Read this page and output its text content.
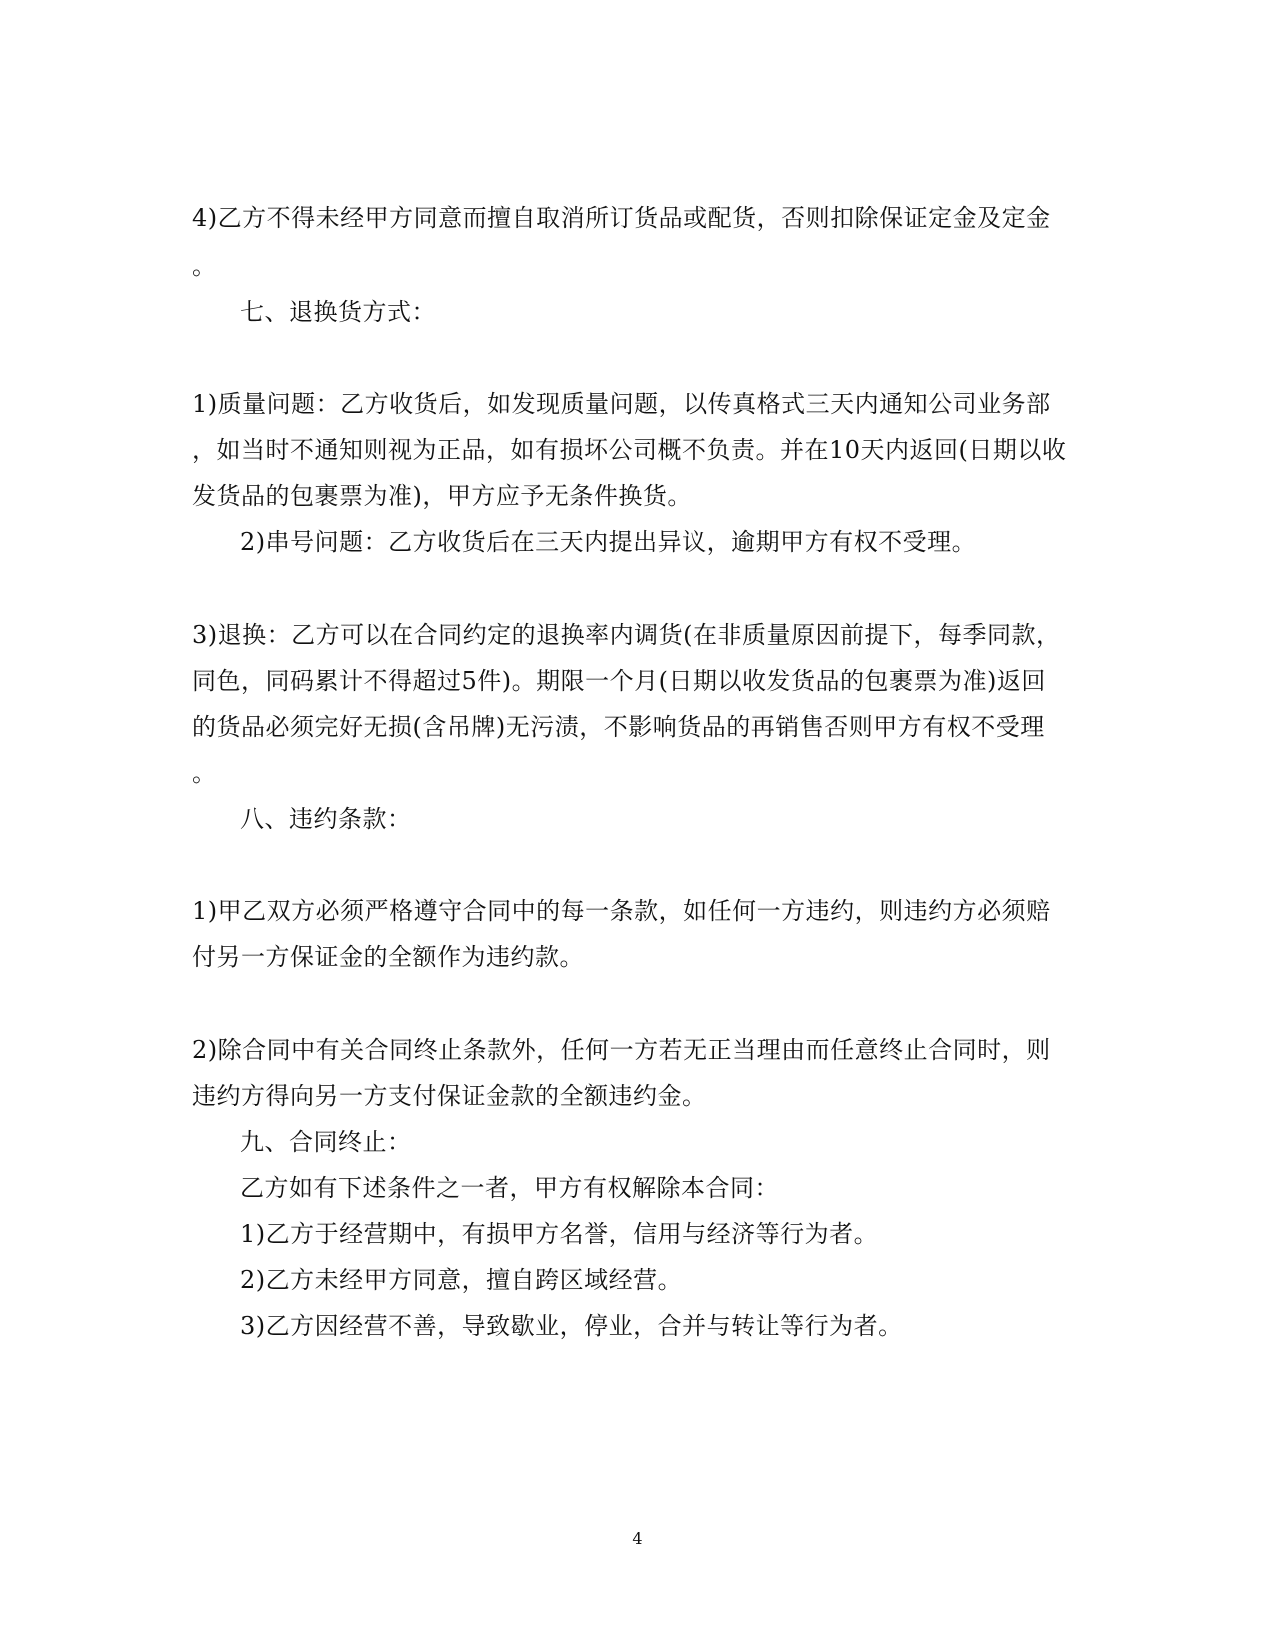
4)乙方不得未经甲方同意而擅自取消所订货品或配货，否则扣除保证定金及定金
。
七、退换货方式：
1)质量问题：乙方收货后，如发现质量问题，以传真格式三天内通知公司业务部
，如当时不通知则视为正品，如有损坏公司概不负责。并在10天内返回(日期以收
发货品的包裹票为准)，甲方应予无条件换货。
2)串号问题：乙方收货后在三天内提出异议，逾期甲方有权不受理。
3)退换：乙方可以在合同约定的退换率内调货(在非质量原因前提下，每季同款，
同色，同码累计不得超过5件)。期限一个月(日期以收发货品的包裹票为准)返回
的货品必须完好无损(含吊牌)无污渍，不影响货品的再销售否则甲方有权不受理
。
八、违约条款：
1)甲乙双方必须严格遵守合同中的每一条款，如任何一方违约，则违约方必须赔
付另一方保证金的全额作为违约款。
2)除合同中有关合同终止条款外，任何一方若无正当理由而任意终止合同时，则
违约方得向另一方支付保证金款的全额违约金。
九、合同终止：
乙方如有下述条件之一者，甲方有权解除本合同：
1)乙方于经营期中，有损甲方名誉，信用与经济等行为者。
2)乙方未经甲方同意，擅自跨区域经营。
3)乙方因经营不善，导致歇业，停业，合并与转让等行为者。
4
